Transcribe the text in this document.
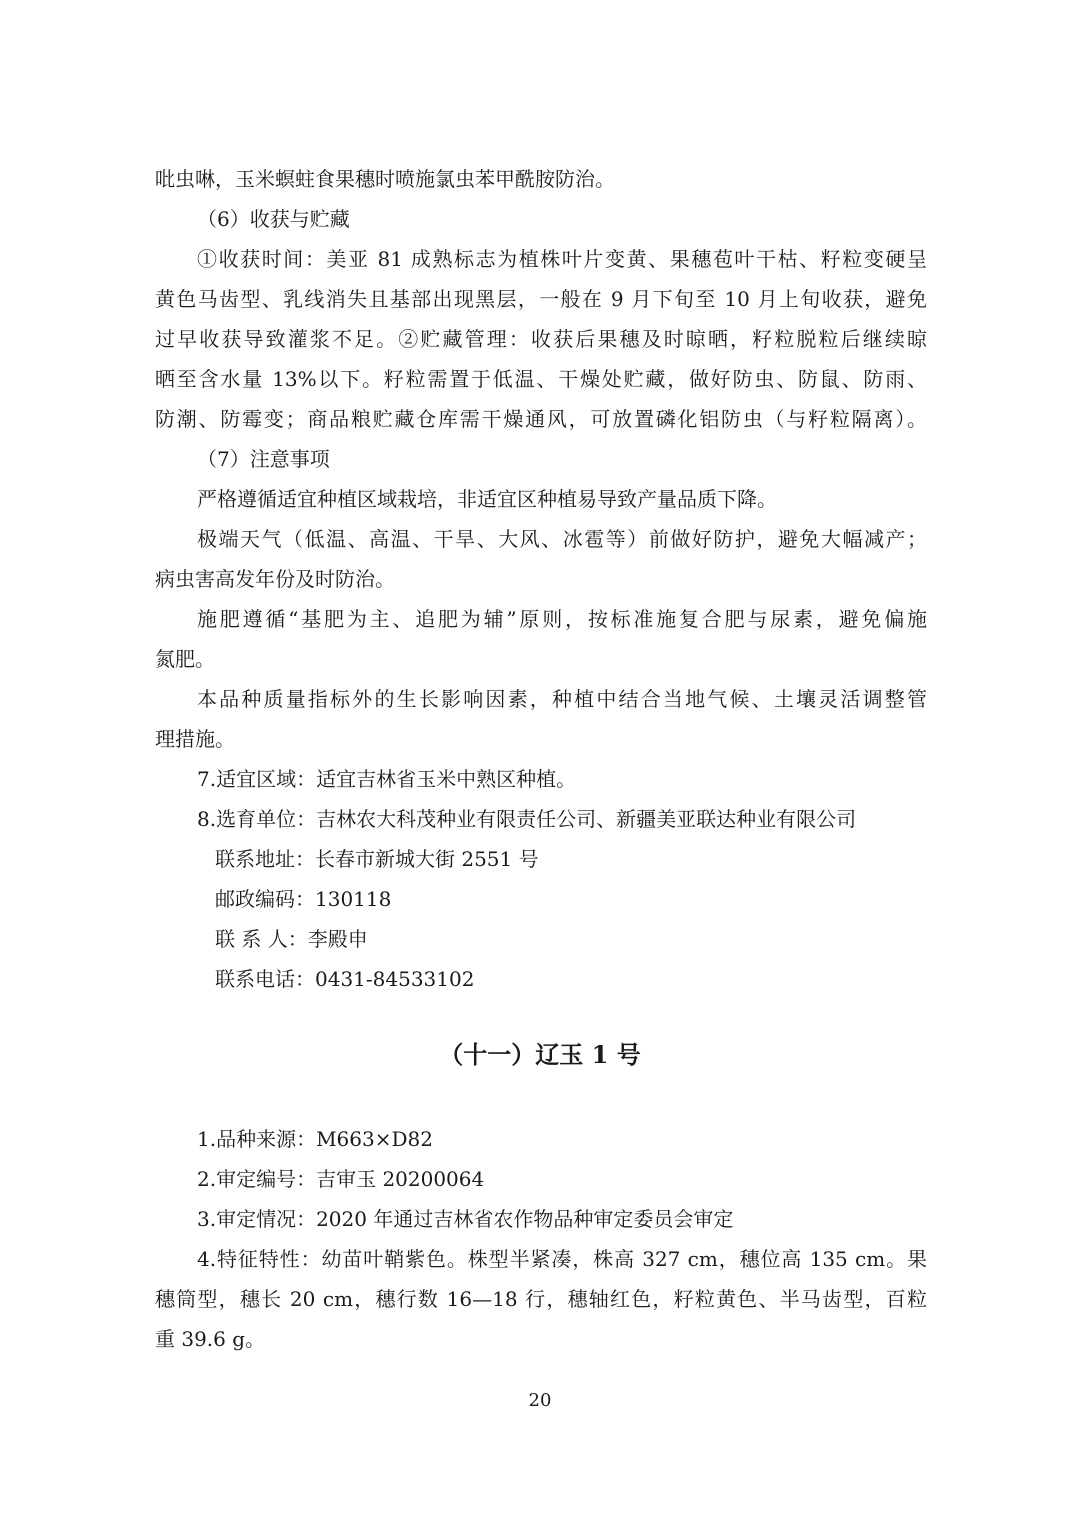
吡虫啉，玉米螟蛀食果穗时喷施氯虫苯甲酰胺防治。
（6）收获与贮藏
①收获时间：美亚 81 成熟标志为植株叶片变黄、果穗苞叶干枯、籽粒变硬呈
黄色马齿型、乳线消失且基部出现黑层，一般在 9 月下旬至 10 月上旬收获，避免
过早收获导致灌浆不足。②贮藏管理：收获后果穗及时晾晒，籽粒脱粒后继续晾
晒至含水量 13%以下。籽粒需置于低温、干燥处贮藏，做好防虫、防鼠、防雨、
防潮、防霉变；商品粮贮藏仓库需干燥通风，可放置磷化铝防虫（与籽粒隔离）。
（7）注意事项
严格遵循适宜种植区域栽培，非适宜区种植易导致产量品质下降。
极端天气（低温、高温、干旱、大风、冰雹等）前做好防护，避免大幅减产；
病虫害高发年份及时防治。
施肥遵循“基肥为主、追肥为辅”原则，按标准施复合肥与尿素，避免偏施
氮肥。
本品种质量指标外的生长影响因素，种植中结合当地气候、土壤灵活调整管
理措施。
7.适宜区域：适宜吉林省玉米中熟区种植。
8.选育单位：吉林农大科茂种业有限责任公司、新疆美亚联达种业有限公司
联系地址：长春市新城大街 2551 号
邮政编码：130118
联 系 人：李殿申
联系电话：0431-84533102
（十一）辽玉 1 号
1.品种来源：M663×D82
2.审定编号：吉审玉 20200064
3.审定情况：2020 年通过吉林省农作物品种审定委员会审定
4.特征特性：幼苗叶鞘紫色。株型半紧凑，株高 327 cm，穗位高 135 cm。果
穗筒型，穗长 20 cm，穗行数 16—18 行，穗轴红色，籽粒黄色、半马齿型，百粒
重 39.6 g。
20
